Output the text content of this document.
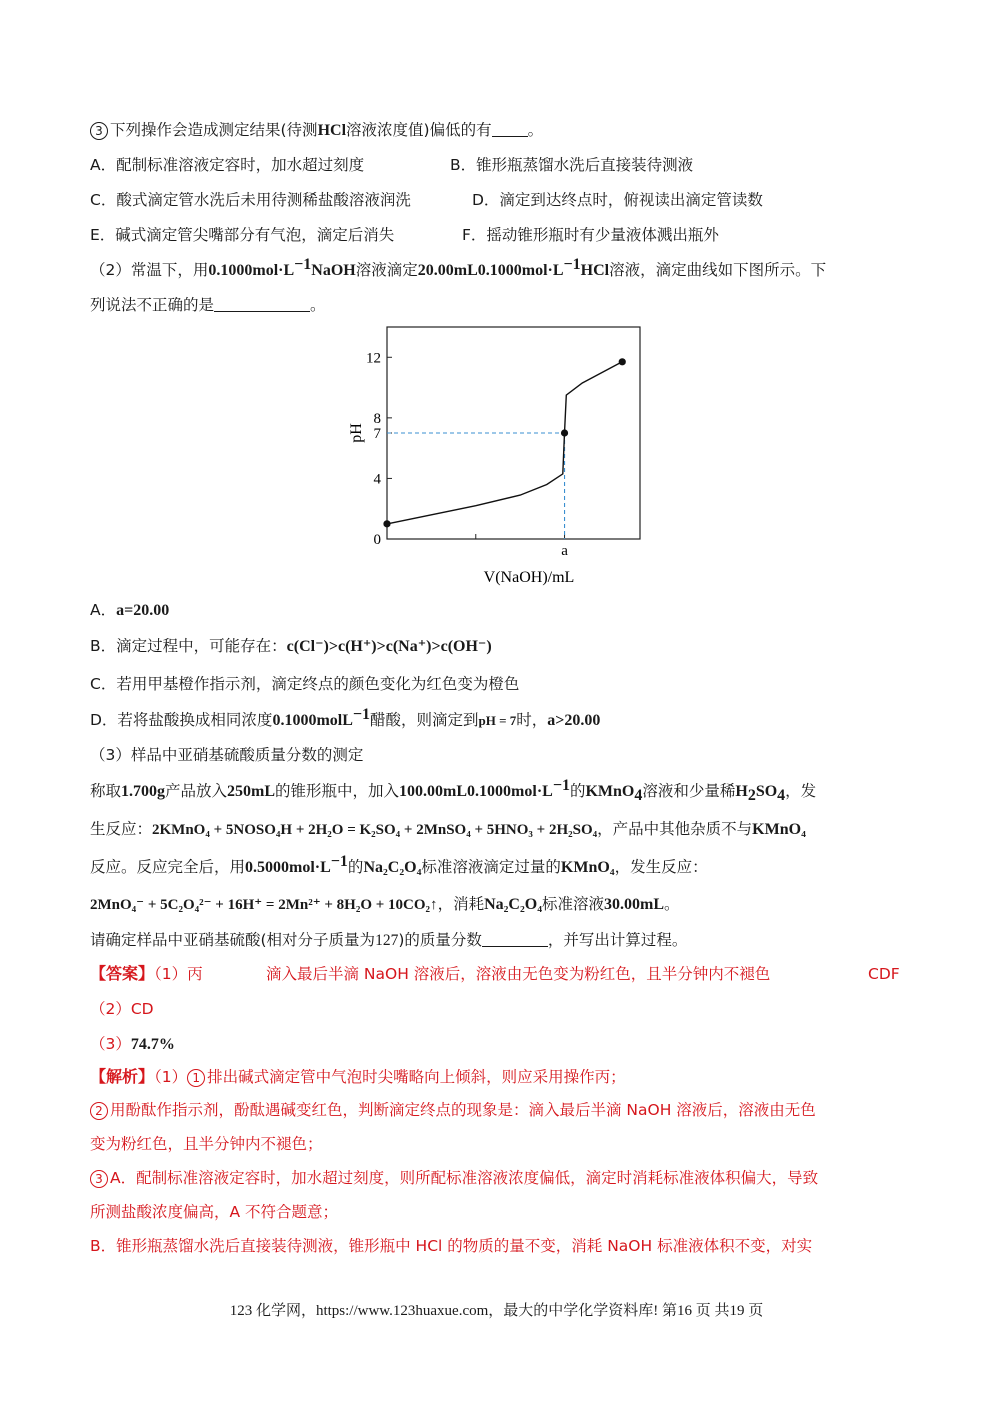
3 下列操作会造成测定结果(待测HCl溶液浓度值)偏低的有 。
A．配制标准溶液定容时，加水超过刻度	B．锥形瓶蒸馏水洗后直接装待测液
C．酸式滴定管水洗后未用待测稀盐酸溶液润洗	D．滴定到达终点时，俯视读出滴定管读数
E．碱式滴定管尖嘴部分有气泡，滴定后消失	F．摇动锥形瓶时有少量液体溅出瓶外
（2）常温下，用$0.1000mol\cdot L^{-1}NaOH$溶液滴定$20.00mL0.1000mol\cdot L^{-1}HCl$溶液，滴定曲线如下图所示。下
列说法不正确的是	。
0
4
7
8
12
a
pH
V(NaOH)/mL
A．a=20.00
B．滴定过程中，可能存在：c(Cl⁻)>c(H⁺)>c(Na⁺)>c(OH⁻)
C．若用甲基橙作指示剂，滴定终点的颜色变化为红色变为橙色
D．若将盐酸换成相同浓度0.1000molL$^{-1}$醋酸，则滴定到pH = 7时，a>20.00
（3）样品中亚硝基硫酸质量分数的测定
称取1.700g产品放入250mL的锥形瓶中，加入$100.00mL0.1000mol\cdot L^{-1}$的KMnO$_4$溶液和少量稀$H_2SO_4$，发
生反应：2KMnO₄ + 5NOSO₄H + 2H₂O = K₂SO₄ + 2MnSO₄ + 5HNO₃ + 2H₂SO₄，产品中其他杂质不与KMnO₄
反应。反应完全后，用$0.5000mol\cdot L^{-1}$的Na₂C₂O₄标准溶液滴定过量的KMnO₄，发生反应：
2MnO₄⁻ + 5C₂O₄²⁻ + 16H⁺ = 2Mn²⁺ + 8H₂O + 10CO₂↑，消耗Na₂C₂O₄标准溶液30.00mL。
请确定样品中亚硝基硫酸(相对分子质量为127)的质量分数	，并写出计算过程。
【答案】（1）丙	滴入最后半滴 NaOH 溶液后，溶液由无色变为粉红色，且半分钟内不褪色	CDF
（2）CD
（3）74.7%
【解析】（1） 1 排出碱式滴定管中气泡时尖嘴略向上倾斜，则应采用操作丙；
2 用酚酞作指示剂，酚酞遇碱变红色，判断滴定终点的现象是：滴入最后半滴 NaOH 溶液后，溶液由无色
变为粉红色，且半分钟内不褪色；
3 A．配制标准溶液定容时，加水超过刻度，则所配标准溶液浓度偏低，滴定时消耗标准液体积偏大，导致
所测盐酸浓度偏高，A 不符合题意；
B．锥形瓶蒸馏水洗后直接装待测液，锥形瓶中 HCl 的物质的量不变，消耗 NaOH 标准液体积不变，对实
123 化学网，https://www.123huaxue.com，最大的中学化学资料库! 第16 页 共19 页
